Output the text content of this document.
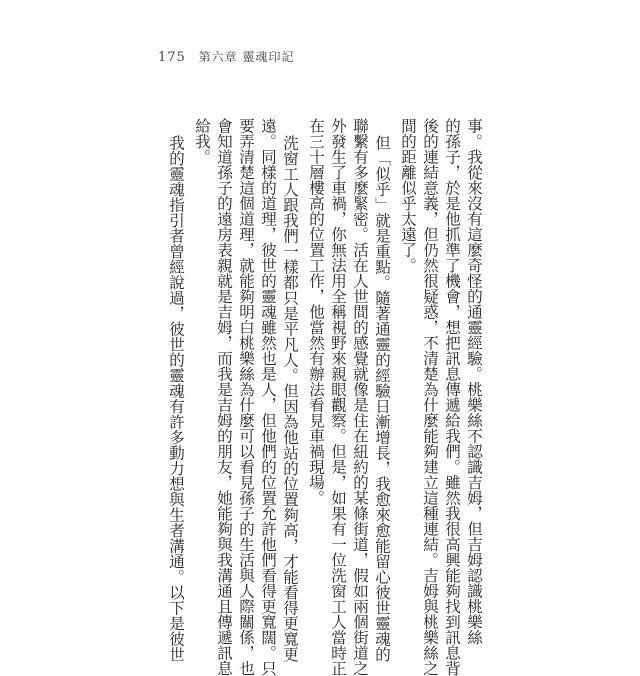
175 第六章 靈魂印記
事。我從來沒有這麼奇怪的通靈經驗。桃樂絲不認識吉姆，但吉姆認識桃樂絲
的孫子，於是他抓準了機會，想把訊息傳遞給我們。雖然我很高興能夠找到訊息背
後的連結意義，但仍然很疑惑，不清楚為什麼能夠建立這種連結。吉姆與桃樂絲之
間的距離似乎太遠了。
但「似乎」就是重點。隨著通靈的經驗日漸增長，我愈來愈能留心彼世靈魂的
聯繫有多麼緊密。活在人世間的感覺就像是住在紐約的某條街道，假如兩個街道之
外發生了車禍，你無法用全稱視野來親眼觀察。但是，如果有一位洗窗工人當時正
在三十層樓高的位置工作，他當然有辦法看見車禍現場。
洗窗工人跟我們一樣都只是平凡人。但因為他站的位置夠高，才能看得更寬更
遠。同樣的道理，彼世的靈魂雖然也是人，但他們的位置允許他們看得更寬闊。只
要弄清楚這個道理，就能夠明白桃樂絲為什麼可以看見孫子的生活與人際關係，也
會知道孫子的遠房表親就是吉姆，而我是吉姆的朋友，她能夠與我溝通且傳遞訊息
給我。
我的靈魂指引者曾經說過，彼世的靈魂有許多動力想與生者溝通。以下是彼世
